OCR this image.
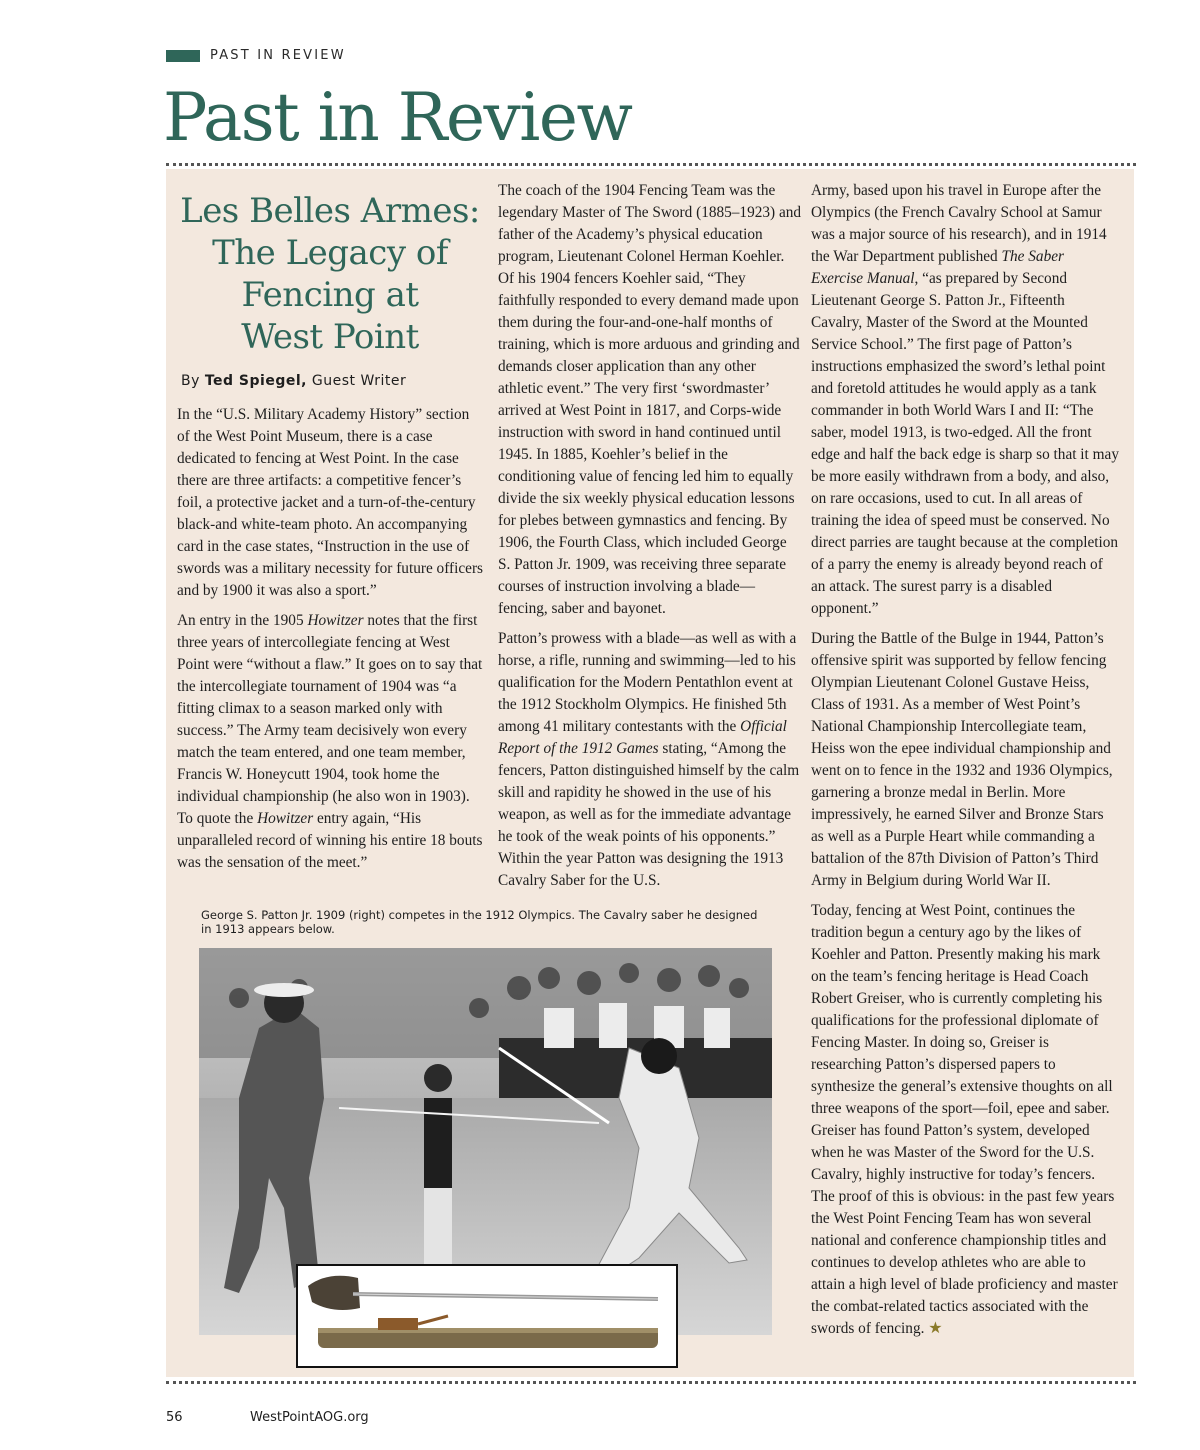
PAST IN REVIEW
Past in Review
Les Belles Armes:
The Legacy of
Fencing at
West Point
By Ted Spiegel, Guest Writer

In the “U.S. Military Academy History” section of the West Point Museum, there is a case dedicated to fencing at West Point. In the case there are three artifacts: a competitive fencer’s foil, a protective jacket and a turn-of-the-century black-and white-team photo. An accompanying card in the case states, “Instruction in the use of swords was a military necessity for future officers and by 1900 it was also a sport.”

An entry in the 1905 Howitzer notes that the first three years of intercollegiate fencing at West Point were “without a flaw.” It goes on to say that the intercollegiate tournament of 1904 was “a fitting climax to a season marked only with success.” The Army team decisively won every match the team entered, and one team member, Francis W. Honeycutt 1904, took home the individual championship (he also won in 1903). To quote the Howitzer entry again, “His unparalleled record of winning his entire 18 bouts was the sensation of the meet.”

The coach of the 1904 Fencing Team was the legendary Master of The Sword (1885–1923) and father of the Academy’s physical education program, Lieutenant Colonel Herman Koehler. Of his 1904 fencers Koehler said, “They faithfully responded to every demand made upon them during the four-and-one-half months of training, which is more arduous and grinding and demands closer application than any other athletic event.” The very first ‘swordmaster’ arrived at West Point in 1817, and Corps-wide instruction with sword in hand continued until 1945. In 1885, Koehler’s belief in the conditioning value of fencing led him to equally divide the six weekly physical education lessons for plebes between gymnastics and fencing. By 1906, the Fourth Class, which included George S. Patton Jr. 1909, was receiving three separate courses of instruction involving a blade—fencing, saber and bayonet.

Patton’s prowess with a blade—as well as with a horse, a rifle, running and swimming—led to his qualification for the Modern Pentathlon event at the 1912 Stockholm Olympics. He finished 5th among 41 military contestants with the Official Report of the 1912 Games stating, “Among the fencers, Patton distinguished himself by the calm skill and rapidity he showed in the use of his weapon, as well as for the immediate advantage he took of the weak points of his opponents.” Within the year Patton was designing the 1913 Cavalry Saber for the U.S.

Army, based upon his travel in Europe after the Olympics (the French Cavalry School at Samur was a major source of his research), and in 1914 the War Department published The Saber Exercise Manual, “as prepared by Second Lieutenant George S. Patton Jr., Fifteenth Cavalry, Master of the Sword at the Mounted Service School.” The first page of Patton’s instructions emphasized the sword’s lethal point and foretold attitudes he would apply as a tank commander in both World Wars I and II: “The saber, model 1913, is two-edged. All the front edge and half the back edge is sharp so that it may be more easily withdrawn from a body, and also, on rare occasions, used to cut. In all areas of training the idea of speed must be conserved. No direct parries are taught because at the completion of a parry the enemy is already beyond reach of an attack. The surest parry is a disabled opponent.”

During the Battle of the Bulge in 1944, Patton’s offensive spirit was supported by fellow fencing Olympian Lieutenant Colonel Gustave Heiss, Class of 1931. As a member of West Point’s National Championship Intercollegiate team, Heiss won the epee individual championship and went on to fence in the 1932 and 1936 Olympics, garnering a bronze medal in Berlin. More impressively, he earned Silver and Bronze Stars as well as a Purple Heart while commanding a battalion of the 87th Division of Patton’s Third Army in Belgium during World War II.

Today, fencing at West Point, continues the tradition begun a century ago by the likes of Koehler and Patton. Presently making his mark on the team’s fencing heritage is Head Coach Robert Greiser, who is currently completing his qualifications for the professional diplomate of Fencing Master. In doing so, Greiser is researching Patton’s dispersed papers to synthesize the general’s extensive thoughts on all three weapons of the sport—foil, epee and saber. Greiser has found Patton’s system, developed when he was Master of the Sword for the U.S. Cavalry, highly instructive for today’s fencers. The proof of this is obvious: in the past few years the West Point Fencing Team has won several national and conference championship titles and continues to develop athletes who are able to attain a high level of blade proficiency and master the combat-related tactics associated with the swords of fencing. ★

George S. Patton Jr. 1909 (right) competes in the 1912 Olympics. The Cavalry saber he designed in 1913 appears below.
56	WestPointAOG.org
